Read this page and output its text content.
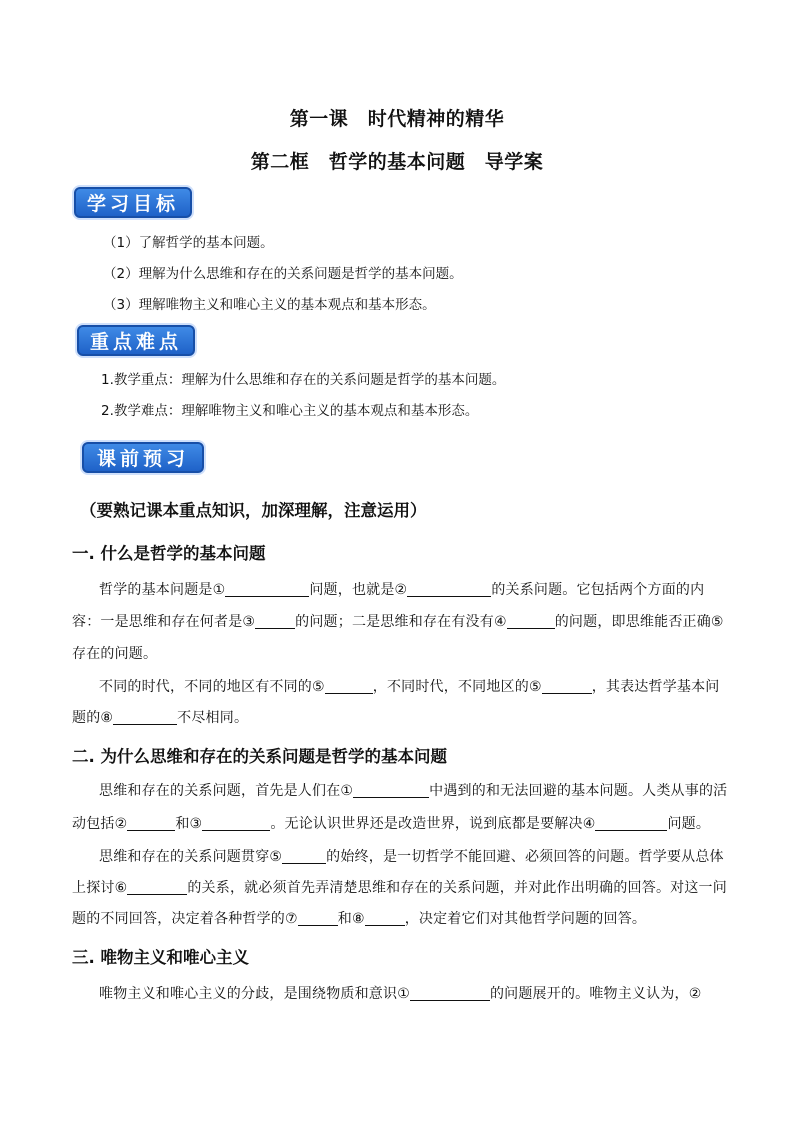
第一课　时代精神的精华
第二框　哲学的基本问题　导学案
学习目标
（1）了解哲学的基本问题。
（2）理解为什么思维和存在的关系问题是哲学的基本问题。
（3）理解唯物主义和唯心主义的基本观点和基本形态。
重点难点
1.教学重点：理解为什么思维和存在的关系问题是哲学的基本问题。
2.教学难点：理解唯物主义和唯心主义的基本观点和基本形态。
课前预习
（要熟记课本重点知识，加深理解，注意运用）
一. 什么是哲学的基本问题
哲学的基本问题是①	问题，也就是②	的关系问题。它包括两个方面的内
容：一是思维和存在何者是③	的问题；二是思维和存在有没有④	的问题，即思维能否正确⑤
存在的问题。
不同的时代，不同的地区有不同的⑤	，不同时代，不同地区的⑤	，其表达哲学基本问
题的⑧	不尽相同。
二. 为什么思维和存在的关系问题是哲学的基本问题
思维和存在的关系问题，首先是人们在①	中遇到的和无法回避的基本问题。人类从事的活
动包括②	和③	。无论认识世界还是改造世界，说到底都是要解决④	问题。
思维和存在的关系问题贯穿⑤	的始终，是一切哲学不能回避、必须回答的问题。哲学要从总体
上探讨⑥	的关系，就必须首先弄清楚思维和存在的关系问题，并对此作出明确的回答。对这一问
题的不同回答，决定着各种哲学的⑦	和⑧	，决定着它们对其他哲学问题的回答。
三. 唯物主义和唯心主义
唯物主义和唯心主义的分歧，是围绕物质和意识①	的问题展开的。唯物主义认为，②
